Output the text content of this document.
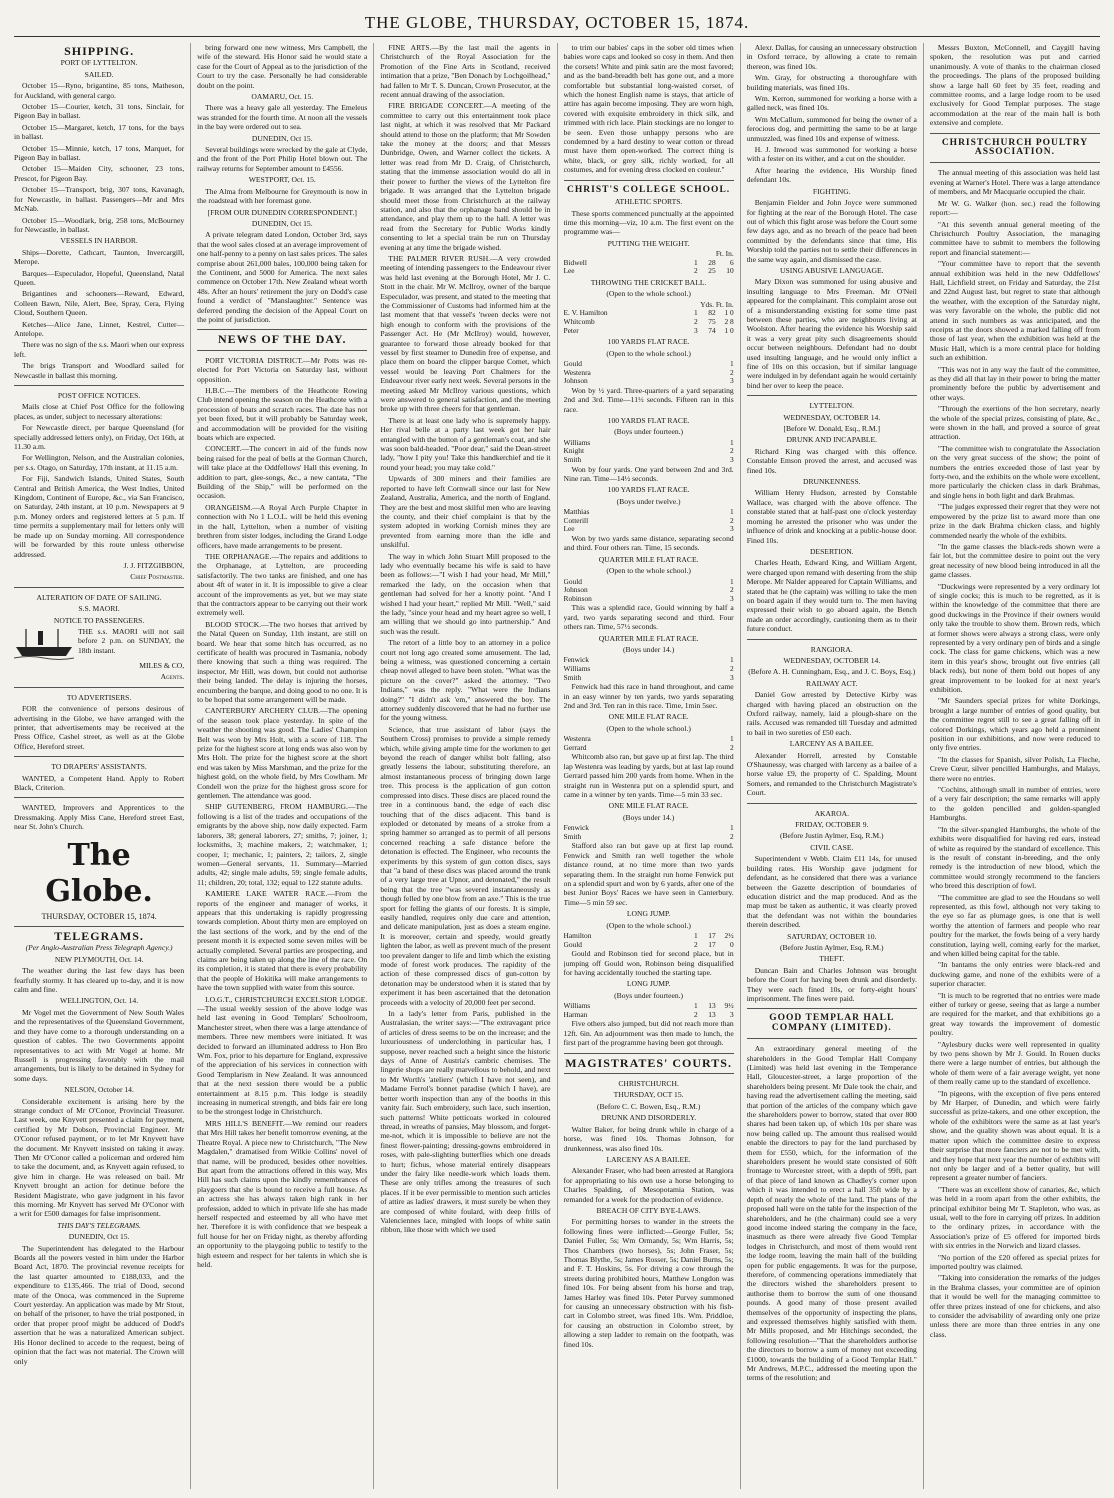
THE GLOBE, THURSDAY, OCTOBER 15, 1874.
SHIPPING.
PORT OF LYTTELTON.
SAILED.

October 15—Ryno, brigantine, 85 tons, Matheson, for Auckland, with general cargo.

October 15—Courier, ketch, 31 tons, Sinclair, for Pigeon Bay in ballast.

October 15—Margaret, ketch, 17 tons, for the bays in ballast.

October 15—Minnie, ketch, 17 tons, Marquet, for Pigeon Bay in ballast.

October 15—Maiden City, schooner, 23 tons, Prescot, for Pigeon Bay.

October 15—Transport, brig, 307 tons, Kavanagh, for Newcastle, in ballast. Passengers—Mr and Mrs McNab.

October 15—Woodlark, brig, 258 tons, McBourney for Newcastle, in ballast.

VESSELS IN HARBOR.

Ships—Dorette, Cathcart, Taunton, Invercargill, Merope.

Barques—Especulador, Hopeful, Queensland, Natal Queen.

Brigantines and schooners—Reward, Edward, Colleen Bawn, Nile, Alert, Bee, Spray, Cera, Flying Cloud, Southern Queen.

Ketches—Alice Jane, Linnet, Kestrel, Cutter—Antelope.

There was no sign of the s.s. Maori when our express left.

The brigs Transport and Woodlard sailed for Newcastle in ballast this morning.

POST OFFICE NOTICES.

Mails close at Chief Post Office for the following places, as under, subject to necessary alterations:

For Newcastle direct, per barque Queensland (for specially addressed letters only), on Friday, Oct 16th, at 11.30 a.m.

For Wellington, Nelson, and the Australian colonies, per s.s. Otago, on Saturday, 17th instant, at 11.15 a.m.

For Fiji, Sandwich Islands, United States, South Central and British America, the West Indies, United Kingdom, Continent of Europe, &c., via San Francisco, on Saturday, 24th instant, at 10 p.m. Newspapers at 9 p.m. Money orders and registered letters at 5 p.m. If time permits a supplementary mail for letters only will be made up on Sunday morning. All correspondence will be forwarded by this route unless otherwise addressed.

J. J. FITZGIBBON,
Chief Postmaster.
ALTERATION OF DATE OF SAILING.
S.S. MAORI.
NOTICE TO PASSENGERS.
THE s.s. MAORI will not sail before 2 p.m. on SUNDAY, the 18th instant.
MILES & CO,
Agents.
TO ADVERTISERS.

FOR the convenience of persons desirous of advertising in the Globe, we have arranged with the printer, that advertisements may be received at the Press Office, Cashel street, as well as at the Globe Office, Hereford street.

TO DRAPERS' ASSISTANTS.

WANTED, a Competent Hand. Apply to Robert Black, Criterion.

WANTED, Improvers and Apprentices to the Dressmaking. Apply Miss Cane, Hereford street East, near St. John's Church.

The Globe.
THURSDAY, OCTOBER 15, 1874.
TELEGRAMS.
(Per Anglo-Australian Press Telegraph Agency.)
NEW PLYMOUTH, Oct. 14.

The weather during the last few days has been fearfully stormy. It has cleared up to-day, and it is now calm and fine.

WELLINGTON, Oct. 14.

Mr Vogel met the Government of New South Wales and the representatives of the Queensland Government, and they have come to a thorough understanding on a question of cables. The two Governments appoint representatives to act with Mr Vogel at home. Mr Russell is progressing favorably with the mail arrangements, but is likely to be detained in Sydney for some days.

NELSON, October 14.

Considerable excitement is arising here by the strange conduct of Mr O'Conor, Provincial Treasurer. Last week, one Knyvett presented a claim for payment, certified by Mr Dobson, Provincial Engineer. Mr O'Conor refused payment, or to let Mr Knyvett have the document. Mr Knyvett insisted on taking it away. Then Mr O'Conor called a policeman and ordered him to take the document, and, as Knyvett again refused, to give him in charge. He was released on bail. Mr Knyvett brought an action for detinue before the Resident Magistrate, who gave judgment in his favor this morning. Mr Knyvett has served Mr O'Conor with a writ for £500 damages for false imprisonment.

THIS DAY'S TELEGRAMS.
DUNEDIN, Oct 15.

The Superintendent has delegated to the Harbour Boards all the powers vested in him under the Harbor Board Act, 1870. The provincial revenue receipts for the last quarter amounted to £188,033, and the expenditure to £135,466. The trial of Dood, second mate of the Onoca, was commenced in the Supreme Court yesterday. An application was made by Mr Stout, on behalf of the prisoner, to have the trial postponed, in order that proper proof might be adduced of Dodd's assertion that he was a naturalized American subject. His Honor declined to accede to the request, being of opinion that the fact was not material. The Crown will only

bring forward one new witness, Mrs Campbell, the wife of the steward. His Honor said he would state a case for the Court of Appeal as to the jurisdiction of the Court to try the case. Personally he had considerable doubt on the point.

OAMARU, Oct. 15.

There was a heavy gale all yesterday. The Emeleus was stranded for the fourth time. At noon all the vessels in the bay were ordered out to sea.

DUNEDIN, Oct 15.

Several buildings were wrecked by the gale at Clyde, and the front of the Port Philip Hotel blown out. The railway returns for September amount to £4556.

WESTPORT, Oct. 15.

The Alma from Melbourne for Greymouth is now in the roadstead with her foremast gone.

[FROM OUR DUNEDIN CORRESPONDENT.]
DUNEDIN, Oct 15.

A private telegram dated London, October 3rd, says that the wool sales closed at an average improvement of one half-penny to a penny on last sales prices. The sales comprise about 261,000 bales, 100,000 being taken for the Continent, and 5000 for America. The next sales commence on October 17th. New Zealand wheat worth 48s. After an hours' retirement the jury on Dodd's case found a verdict of "Manslaughter." Sentence was deferred pending the decision of the Appeal Court on the point of jurisdiction.

NEWS OF THE DAY.

PORT VICTORIA DISTRICT.—Mr Potts was re-elected for Port Victoria on Saturday last, without opposition.

H.B.C.—The members of the Heathcote Rowing Club intend opening the season on the Heathcote with a procession of boats and scratch races. The date has not yet been fixed, but it will probably be Saturday week, and accommodation will be provided for the visiting boats which are expected.

CONCERT.—The concert in aid of the funds now being raised for the peal of bells at the Gorman Church, will take place at the Oddfellows' Hall this evening. In addition to part, glee-songs, &c., a new cantata, "The Building of the Ship," will be performed on the occasion.

ORANGEISM.—A Royal Arch Purple Chapter in connection with No 1 L.O.L. will be held this evening in the hall, Lyttelton, when a number of visiting brethren from sister lodges, including the Grand Lodge officers, have made arrangements to be present.

THE ORPHANAGE.—The repairs and additions to the Orphanage, at Lyttelton, are proceeding satisfactorily. The two tanks are finished, and one has about 4ft of water in it. It is impossible to give a clear account of the improvements as yet, but we may state that the contractors appear to be carrying out their work extremely well.

BLOOD STOCK.—The two horses that arrived by the Natal Queen on Sunday, 11th instant, are still on board. We hear that some hitch has occurred, as no certificate of health was procured in Tasmania, nobody there knowing that such a thing was required. The inspector, Mr Hill, was down, but could not authorise their being landed. The delay is injuring the horses, encumbering the barque, and doing good to no one. It is to be hoped that some arrangement will be made.

CANTERBURY ARCHERY CLUB.—The opening of the season took place yesterday. In spite of the weather the shooting was good. The Ladies' Champion Belt was won by Mrs Holt, with a score of 118. The prize for the highest score at long ends was also won by Mrs Holt. The prize for the highest score at the short end was taken by Miss Marshman, and the prize for the highest gold, on the whole field, by Mrs Cowlham. Mr Condell won the prize for the highest gross score for gentlemen. The attendance was good.

SHIP GUTENBERG, FROM HAMBURG.—The following is a list of the trades and occupations of the emigrants by the above ship, now daily expected. Farm laborers, 38; general laborers, 27; smiths, 7; joiner, 1; locksmiths, 3; machine makers, 2; watchmaker, 1; cooper, 1; mechanic, 1; painters, 2; tailors, 2, single women—General servants, 11. Summary—Married adults, 42; single male adults, 59; single female adults, 11; children, 20; total, 132; equal to 122 statute adults.

KAMIERE LAKE WATER RACE.—From the reports of the engineer and manager of works, it appears that this undertaking is rapidly progressing towards completion. About thirty men are employed on the last sections of the work, and by the end of the present month it is expected some seven miles will be actually completed. Several parties are prospecting, and claims are being taken up along the line of the race. On its completion, it is stated that there is every probability that the people of Hokitika will make arrangements to have the town supplied with water from this source.

I.O.G.T., CHRISTCHURCH EXCELSIOR LODGE.—The usual weekly session of the above lodge was held last evening in Good Templars' Schoolroom, Manchester street, when there was a large attendance of members. Three new members were initiated. It was decided to forward an illuminated address to Hon Bro Wm. Fox, prior to his departure for England, expressive of the appreciation of his services in connection with Good Templarism in New Zealand. It was announced that at the next session there would be a public entertainment at 8.15 p.m. This lodge is steadily increasing in numerical strength, and bids fair ere long to be the strongest lodge in Christchurch.

MRS HILL'S BENEFIT.—We remind our readers that Mrs Hill takes her benefit tomorrow evening, at the Theatre Royal. A piece new to Christchurch, "The New Magdalen," dramatised from Wilkie Collins' novel of that name, will be produced, besides other novelties. But apart from the attractions offered in this way, Mrs Hill has such claims upon the kindly remembrances of playgoers that she is bound to receive a full house. As an actress she has always taken high rank in her profession, added to which in private life she has made herself respected and esteemed by all who have met her. Therefore it is with confidence that we bespeak a full house for her on Friday night, as thereby affording an opportunity to the playgoing public to testify to the high esteem and respect for her talents in which she is held.

FINE ARTS.—By the last mail the agents in Christchurch of the Royal Association for the Promotion of the Fine Arts in Scotland, received intimation that a prize, "Ben Donach by Lochgoilhead," had fallen to Mr T. S. Duncan, Crown Prosecutor, at the recent annual drawing of the association.

FIRE BRIGADE CONCERT.—A meeting of the committee to carry out this entertainment took place last night, at which it was resolved that Mr Packard should attend to those on the platform; that Mr Sowden take the money at the doors; and that Messrs Dunbridge, Owen, and Warner collect the tickets. A letter was read from Mr D. Craig, of Christchurch, stating that the immense association would do all in their power to further the views of the Lyttelton fire brigade. It was arranged that the Lyttelton brigade should meet those from Christchurch at the railway station, and also that the orphanage band should be in attendance, and play them up to the hall. A letter was read from the Secretary for Public Works kindly consenting to let a special train be run on Thursday evening at any time the brigade wished.

THE PALMER RIVER RUSH.—A very crowded meeting of intending passengers to the Endeavour river was held last evening at the Borough Hotel, Mr J. C. Stott in the chair. Mr W. McIlroy, owner of the barque Especulador, was present, and stated to the meeting that the Commissioner of Customs had informed him at the last moment that that vessel's 'tween decks were not high enough to conform with the provisions of the Passenger Act. He (Mr McIlroy) would, however, guarantee to forward those already booked for that vessel by first steamer to Dunedin free of expense, and place them on board the clipper barque Comet, which vessel would be leaving Port Chalmers for the Endeavour river early next week. Several persons in the meeting asked Mr McIlroy various questions, which were answered to general satisfaction, and the meeting broke up with three cheers for that gentleman.

There is at least one lady who is supremely happy. Her rival belle at a party last week got her hair entangled with the button of a gentleman's coat, and she was soon bald-headed. "Poor dear," said the Dean-street lady, "how I pity you! Take this handkerchief and tie it round your head; you may take cold."

Upwards of 300 miners and their families are reported to have left Cornwall since our last for New Zealand, Australia, America, and the north of England. They are the best and most skilful men who are leaving the county, and their chief complaint is that by the system adopted in working Cornish mines they are prevented from earning more than the idle and unskilful.

The way in which John Stuart Mill proposed to the lady who eventually became his wife is said to have been as follows:—"I wish I had your head, Mr Mill," remarked the lady, on the occasion when that gentleman had solved for her a knotty point. "And I wished I had your heart," replied Mr Mill. "Well," said the lady, "since your head and my heart agree so well, I am willing that we should go into partnership." And such was the result.

The retort of a little boy to an attorney in a police court not long ago created some amusement. The lad, being a witness, was questioned concerning a certain cheap novel alleged to have been stolen. "What was the picture on the cover?" asked the attorney. "Two Indians," was the reply. "What were the Indians doing?" "I didn't ask 'em," answered the boy. The attorney suddenly discovered that he had no further use for the young witness.

Science, that true assistant of labor (says the Southern Cross) promises to provide a simple remedy which, while giving ample time for the workmen to get beyond the reach of danger whilst bolt falling, also greatly lessens the labour, substituting therefore, an almost instantaneous process of bringing down large tree. This process is the application of gun cotton compressed into discs. These discs are placed round the tree in a continuous band, the edge of each disc touching that of the discs adjacent. This band is exploded or detonated by means of a stroke from a spring hammer so arranged as to permit of all persons concerned reaching a safe distance before the detonation is effected. The Engineer, who recounts the experiments by this system of gun cotton discs, says that "a band of these discs was placed around the trunk of a very large tree at Upnor, and detonated," the result being that the tree "was severed instantaneously as though felled by one blow from an axe." This is the true sport for felling the giants of our forests. It is simple, easily handled, requires only due care and attention, and delicate manipulation, just as does a steam engine. It is moreover, certain and speedy, would greatly lighten the labor, as well as prevent much of the present too prevalent danger to life and limb which the existing mode of forest work produces. The rapidity of the action of these compressed discs of gun-cotton by detonation may be understood when it is stated that by experiment it has been ascertained that the detonation proceeds with a velocity of 20,000 feet per second.

In a lady's letter from Paris, published in the Australasian, the writer says:—"The extravagant price of articles of dress seems to be on the increase; and the luxuriousness of underclothing in particular has, I suppose, never reached such a height since the historic days of Anne of Austria's cambric chemises. The lingerie shops are really marvellous to behold, and next to Mr Worth's 'ateliers' (which I have not seen), and Madame Ferrol's bonnet paradise (which I have), are better worth inspection than any of the booths in this vanity fair. Such embroidery, such lace, such insertion, such patterns! White petticoats worked in coloured thread, in wreaths of pansies, May blossom, and forget-me-not, which it is impossible to believe are not the finest flower-painting; dressing-gowns embroidered in roses, with pale-slighting butterflies which one dreads to hurt; fichus, whose material entirely disappears under the fairy like needle-work which loads them. These are only trifles among the treasures of such places. If it be ever permissible to mention such articles of attire as ladies' drawers, it must surely be when they are composed of white foulard, with deep frills of Valenciennes lace, mingled with loops of white satin ribbon, like those with which we used

to trim our babies' caps in the sober old times when babies wore caps and looked so cosy in them. And then the corsets! White and pink satin are the most favored; and as the band-breadth belt has gone out, and a more comfortable but substantial long-waisted corset, of which the honest English name is stays, that article of attire has again become imposing. They are worn high, covered with exquisite embroidery in thick silk, and trimmed with rich lace. Plain stockings are no longer to be seen. Even those unhappy persons who are condemned by a hard destiny to wear cotton or thread must have them open-worked. The correct thing is white, black, or grey silk, richly worked, for all costumes, and for evening dress clocked en couleur."

CHRIST'S COLLEGE SCHOOL.
ATHLETIC SPORTS.

These sports commenced punctually at the appointed time this morning—viz, 10 a.m. The first event on the programme was—

PUTTING THE WEIGHT.
		Ft. In.	
Bidwell	1	28	6
Lee	2	25	10
THROWING THE CRICKET BALL.
(Open to the whole school.)
		Yds. Ft. In.	
E. V. Hamilton	1	82	1 0
Whitcomb	2	75	2 8
Peter	3	74	1 0
100 YARDS FLAT RACE.
(Open to the whole school.)
Gould	1
Westenra	2
Johnson	3

Won by ½ yard. Three-quarters of a yard separating 2nd and 3rd. Time—11½ seconds. Fifteen ran in this race.

100 YARDS FLAT RACE.
(Boys under fourteen.)
Williams	1
Knight	2
Smith	3

Won by four yards. One yard between 2nd and 3rd. Nine ran. Time—14½ seconds.

100 YARDS FLAT RACE.
(Boys under twelve.)
Matthias	1
Cotterill	2
Lee	3

Won by two yards same distance, separating second and third. Four others ran. Time, 15 seconds.

QUARTER MILE FLAT RACE.
(Open to the whole school.)
Gould	1
Johnson	2
Robinson	3

This was a splendid race, Gould winning by half a yard, two yards separating second and third. Four others ran. Time, 57½ seconds.

QUARTER MILE FLAT RACE.
(Boys under 14.)
Fenwick	1
Williams	2
Smith	3

Fenwick had this race in hand throughout, and came in an easy winner by ten yards, two yards separating 2nd and 3rd. Ten ran in this race. Time, 1min 5sec.

ONE MILE FLAT RACE.
(Open to the whole school.)
Westenra	1
Gerrard	2

Whitcomb also ran, but gave up at first lap. The third lap Westenra was leading by yards, but at last lap round Gerrard passed him 200 yards from home. When in the straight run in Westenra put on a splendid spurt, and came in a winner by ten yards. Time—5 min 33 sec.

ONE MILE FLAT RACE.
(Boys under 14.)
Fenwick	1
Smith	2

Stafford also ran but gave up at first lap round. Fenwick and Smith ran well together the whole distance round, at no time more than two yards separating them. In the straight run home Fenwick put on a splendid spurt and won by 6 yards, after one of the best Junior Boys' Races we have seen in Canterbury. Time—5 min 59 sec.

LONG JUMP.
(Open to the whole school.)
Hamilton	1	17	2½
Gould	2	17	0

Gould and Robinson tied for second place, but in jumping off Gould won, Robinson being disqualified for having accidentally touched the starting tape.

LONG JUMP.
(Boys under fourteen.)
Williams	1	13	9½
Harman	2	13	3

Five others also jumped, but did not reach more than 12ft. 6in. An adjournment was then made to lunch, the first part of the programme having been got through.

MAGISTRATES' COURTS.
CHRISTCHURCH.
THURSDAY, OCT 15.
(Before C. C. Bowen, Esq., R.M.)
DRUNK AND DISORDERLY.

Walter Baker, for being drunk while in charge of a horse, was fined 10s. Thomas Johnson, for drunkenness, was also fined 10s.

LARCENY AS A BAILEE.

Alexander Fraser, who had been arrested at Rangiora for appropriating to his own use a horse belonging to Charles Spalding, of Mesopotamia Station, was remanded for a week for the production of evidence.

BREACH OF CITY BYE-LAWS.

For permitting horses to wander in the streets the following fines were inflicted:—George Fuller, 5s; Daniel Fuller, 5s; Wm Ormandy, 5s; Wm Harris, 5s; Thos Chambers (two horses), 5s; John Fraser, 5s; Thomas Blythe, 5s; James Rosser, 5s; Daniel Burns, 5s; and F. T. Hoskins, 5s. For driving a cow through the streets during prohibited hours, Matthew Longdon was fined 10s. For being absent from his horse and trap, James Harley was fined 10s. Peter Purvey summoned for causing an unnecessary obstruction with his fish-cart in Colombo street, was fined 10s. Wm. Priddloe, for causing an obstruction in Colombo street, by allowing a step ladder to remain on the footpath, was fined 10s.

Alexr. Dallas, for causing an unnecessary obstruction in Oxford terrace, by allowing a crate to remain thereon, was fined 10s.

Wm. Gray, for obstructing a thoroughfare with building materials, was fined 10s.

Wm. Kerron, summoned for working a horse with a galled neck, was fined 10s.

Wm McCallum, summoned for being the owner of a ferocious dog, and permitting the same to be at large unmuzzled, was fined 10s and expense of witness.

H. J. Inwood was summoned for working a horse with a fester on its wither, and a cut on the shoulder.

After hearing the evidence, His Worship fined defendant 10s.

FIGHTING.

Benjamin Fielder and John Joyce were summoned for fighting at the rear of the Borough Hotel. The case out of which this fight arose was before the Court some few days ago, and as no breach of the peace had been committed by the defendants since that time, His Worship told the parties not to settle their differences in the same way again, and dismissed the case.

USING ABUSIVE LANGUAGE.

Mary Dixon was summoned for using abusive and insulting language to Mrs Freeman. Mr O'Neil appeared for the complainant. This complaint arose out of a misunderstanding existing for some time past between these parties, who are neighbours living at Woolston. After hearing the evidence his Worship said it was a very great pity such disagreements should occur between neighbours. Defendant had no doubt used insulting language, and he would only inflict a fine of 10s on this occasion, but if similar language were indulged in by defendant again he would certainly bind her over to keep the peace.

LYTTELTON.
WEDNESDAY, OCTOBER 14.
[Before W. Donald, Esq., R.M.]
DRUNK AND INCAPABLE.

Richard King was charged with this offence. Constable Emson proved the arrest, and accused was fined 10s.

DRUNKENNESS.

William Henry Hudson, arrested by Constable Wallace, was charged with the above offence. The constable stated that at half-past one o'clock yesterday morning he arrested the prisoner who was under the influence of drink and knocking at a public-house door. Fined 10s.

DESERTION.

Charles Heath, Edward King, and William Argent, were charged upon remand with deserting from the ship Merope. Mr Nalder appeared for Captain Williams, and stated that he (the captain) was willing to take the men on board again if they would turn to. The men having expressed their wish to go aboard again, the Bench made an order accordingly, cautioning them as to their future conduct.

RANGIORA.
WEDNESDAY, OCTOBER 14.
(Before A. H. Cunningham, Esq., and J. C. Boys, Esq.)
RAILWAY ACT.

Daniel Gow arrested by Detective Kirby was charged with having placed an obstruction on the Oxford railway, namely, laid a plough-share on the rails. Accused was remanded till Tuesday and admitted to bail in two sureties of £50 each.

LARCENY AS A BAILEE.

Alexander Horrell, arrested by Constable O'Shaunessy, was charged with larceny as a bailee of a horse value £9, the property of C. Spalding, Mount Somers, and remanded to the Christchurch Magistrate's Court.

AKAROA.
FRIDAY, OCTOBER 9.
(Before Justin Aylmer, Esq, R.M.)
CIVIL CASE.

Superintendent v Webb. Claim £11 14s, for unused building rates. His Worship gave judgment for defendant, as he considered that there was a variance between the Gazette description of boundaries of education district and the map produced. And as the map must be taken as authentic, it was clearly proved that the defendant was not within the boundaries therein described.

SATURDAY, OCTOBER 10.
(Before Justin Aylmer, Esq, R.M.)
THEFT.

Duncan Bain and Charles Johnson was brought before the Court for having been drunk and disorderly. They were each fined 10s, or forty-eight hours' imprisonment. The fines were paid.

GOOD TEMPLAR HALL COMPANY (LIMITED).

An extraordinary general meeting of the shareholders in the Good Templar Hall Company (Limited) was held last evening in the Temperance Hall, Gloucester-street, a large proportion of the shareholders being present. Mr Dale took the chair, and having read the advertisement calling the meeting, said that portion of the articles of the company which gave the shareholders power to borrow, stated that over 800 shares had been taken up, of which 10s per share was now being called up. The amount thus realised would enable the directors to pay for the land purchased by them for £550, which, for the information of the shareholders present he would state consisted of 60ft frontage to Worcester street, with a depth of 99ft, part of that piece of land known as Chadley's corner upon which it was intended to erect a hall 35ft wide by a depth of nearly the whole of the land. The plans of the proposed hall were on the table for the inspection of the shareholders, and he (the chairman) could see a very good income indeed staring the company in the face, inasmuch as there were already five Good Templar lodges in Christchurch, and most of them would rent the lodge room, leaving the main hall of the building open for public engagements. It was for the purpose, therefore, of commencing operations immediately that the directors wished the shareholders present to authorise them to borrow the sum of one thousand pounds. A good many of those present availed themselves of the opportunity of inspecting the plans, and expressed themselves highly satisfied with them. Mr Mills proposed, and Mr Hitchings seconded, the following resolution—"That the shareholders authorise the directors to borrow a sum of money not exceeding £1000, towards the building of a Good Templar Hall." Mr Andrews, M.P.C., addressed the meeting upon the terms of the resolution; and

Messrs Buxton, McConnell, and Caygill having spoken, the resolution was put and carried unanimously. A vote of thanks to the chairman closed the proceedings. The plans of the proposed building show a large hall 60 feet by 35 feet, reading and committee rooms, and a large lodge room to be used exclusively for Good Templar purposes. The stage accommodation at the rear of the main hall is both extensive and complete.

CHRISTCHURCH POULTRY ASSOCIATION.

The annual meeting of this association was held last evening at Warner's Hotel. There was a large attendance of members, and Mr Macquarie occupied the chair.

Mr W. G. Walker (hon. sec.) read the following report:—

"At this seventh annual general meeting of the Christchurch Poultry Association, the managing committee have to submit to members the following report and financial statement:—

"Your committee have to report that the seventh annual exhibition was held in the new Oddfellows' Hall, Lichfield street, on Friday and Saturday, the 21st and 22nd August last, but regret to state that although the weather, with the exception of the Saturday night, was very favorable on the whole, the public did not attend in such numbers as was anticipated, and the receipts at the doors showed a marked falling off from those of last year, when the exhibition was held at the Music Hall, which is a more central place for holding such an exhibition.

"This was not in any way the fault of the committee, as they did all that lay in their power to bring the matter prominently before the public by advertisement and other ways.

"Through the exertions of the hon secretary, nearly the whole of the special prizes, consisting of plate, &c., were shown in the hall, and proved a source of great attraction.

"The committee wish to congratulate the Association on the very great success of the show; the point of numbers the entries exceeded those of last year by forty-two, and the exhibits on the whole were excellent, more particularly the chicken class in dark Brahmas, and single hens in both light and dark Brahmas.

"The judges expressed their regret that they were not empowered by the prize list to award more than one prize in the dark Brahma chicken class, and highly commended nearly the whole of the exhibits.

"In the game classes the black-reds shown were a fair lot, but the committee desire to point out the very great necessity of new blood being introduced in all the game classes.

"Duckwings were represented by a very ordinary lot of single cocks; this is much to be regretted, as it is within the knowledge of the committee that there are good duckwings in the Province if their owners would only take the trouble to show them. Brown reds, which at former shows were always a strong class, were only represented by a very ordinary pen of birds and a single cock. The class for game chickens, which was a new item in this year's show, brought out five entries (all black reds), but none of them bold out hopes of any great improvement to be looked for at next year's exhibition.

"Mr Saunders special prizes for white Dorkings, brought a large number of entries of good quality, but the committee regret still to see a great falling off in colored Dorkings, which years ago held a prominent position in our exhibitions, and now were reduced to only five entries.

"In the classes for Spanish, silver Polish, La Fleche, Creve Cœur, silver pencilled Hamburghs, and Malays, there were no entries.

"Cochins, although small in number of entries, were of a very fair description; the same remarks will apply to the golden pencilled and golden-spangled Hamburghs.

"In the silver-spangled Hamburghs, the whole of the exhibits were disqualified for having red ears, instead of white as required by the standard of excellence. This is the result of constant in-breeding, and the only remedy is the introduction of new blood, which the committee would strongly recommend to the fanciers who breed this description of fowl.

"The committee are glad to see the Houdans so well represented, as this fowl, although not very taking to the eye so far as plumage goes, is one that is well worthy the attention of farmers and people who rear poultry for the market, the fowls being of a very hardy constitution, laying well, coming early for the market, and when killed being capital for the table.

"In bantams the only entries were black-red and duckwing game, and none of the exhibits were of a superior character.

"It is much to be regretted that no entries were made either of turkey or geese, seeing that as large a number are required for the market, and that exhibitions go a great way towards the improvement of domestic poultry.

"Aylesbury ducks were well represented in quality by two pens shown by Mr J. Gould. In Rouen ducks there were a large number of entries, but although the whole of them were of a fair average weight, yet none of them really came up to the standard of excellence.

"In pigeons, with the exception of five pens entered by Mr Harper, of Dunedin, and which were fairly successful as prize-takers, and one other exception, the whole of the exhibitors were the same as at last year's show, and the quality shown was about equal. It is a matter upon which the committee desire to express their surprise that more fanciers are not to be met with, and they hope that next year the number of exhibits will not only be larger and of a better quality, but will represent a greater number of fanciers.

"There was an excellent show of canaries, &c, which was held in a room apart from the other exhibits, the principal exhibitor being Mr T. Stapleton, who was, as usual, well to the fore in carrying off prizes. In addition to the ordinary prizes, in accordance with the Association's prize of £5 offered for imported birds with six entries in the Norwich and lizard classes.

"No portion of the £20 offered as special prizes for imported poultry was claimed.

"Taking into consideration the remarks of the judges in the Brahma classes, your committee are of opinion that it would be well for the managing committee to offer three prizes instead of one for chickens, and also to consider the advisability of awarding only one prize unless there are more than three entries in any one class.
